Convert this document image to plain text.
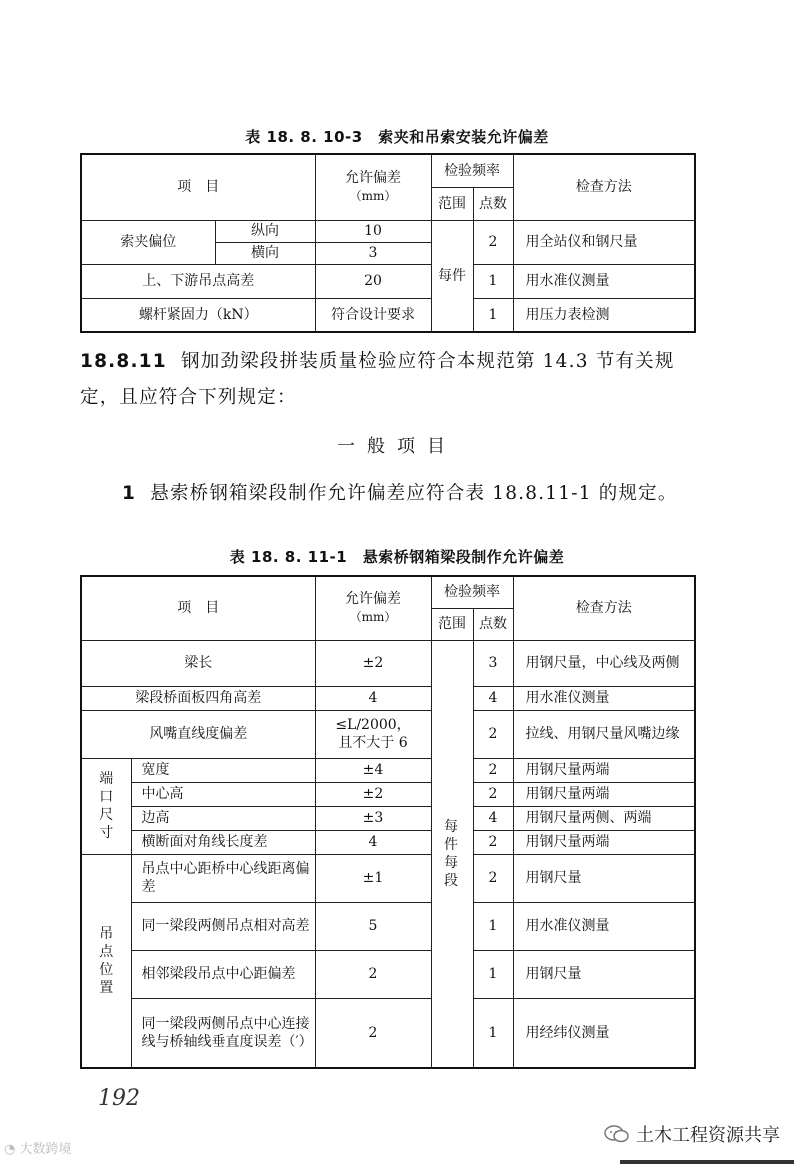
表 18. 8. 10-3　索夹和吊索安装允许偏差
项　目		允许偏差
（mm）	检验频率		检查方法
			范围	点数	
索夹偏位	纵向	10	每件	2	用全站仪和钢尺量
	横向	3			
上、下游吊点高差		20		1	用水准仪测量
螺杆紧固力（kN）		符合设计要求		1	用压力表检测
18.8.11 钢加劲梁段拼装质量检验应符合本规范第 14.3 节有关规定，且应符合下列规定：
一般项目
1 悬索桥钢箱梁段制作允许偏差应符合表 18.8.11-1 的规定。
表 18. 8. 11-1　悬索桥钢箱梁段制作允许偏差
项　目		允许偏差
（mm）	检验频率		检查方法
			范围	点数	
梁长		±2	每件每段	3	用钢尺量，中心线及两侧
梁段桥面板四角高差		4		4	用水准仪测量
风嘴直线度偏差		≤L/2000，且不大于 6		2	拉线、用钢尺量风嘴边缘
端口尺寸	宽度	±4		2	用钢尺量两端
	中心高	±2		2	用钢尺量两端
	边高	±3		4	用钢尺量两侧、两端
	横断面对角线长度差	4		2	用钢尺量两端
吊点位置	吊点中心距桥中心线距离偏差	±1		2	用钢尺量
	同一梁段两侧吊点相对高差	5		1	用水准仪测量
	相邻梁段吊点中心距偏差	2		1	用钢尺量
	同一梁段两侧吊点中心连接线与桥轴线垂直度误差（′）	2		1	用经纬仪测量
192
◔ 大数跨境
土木工程资源共享
